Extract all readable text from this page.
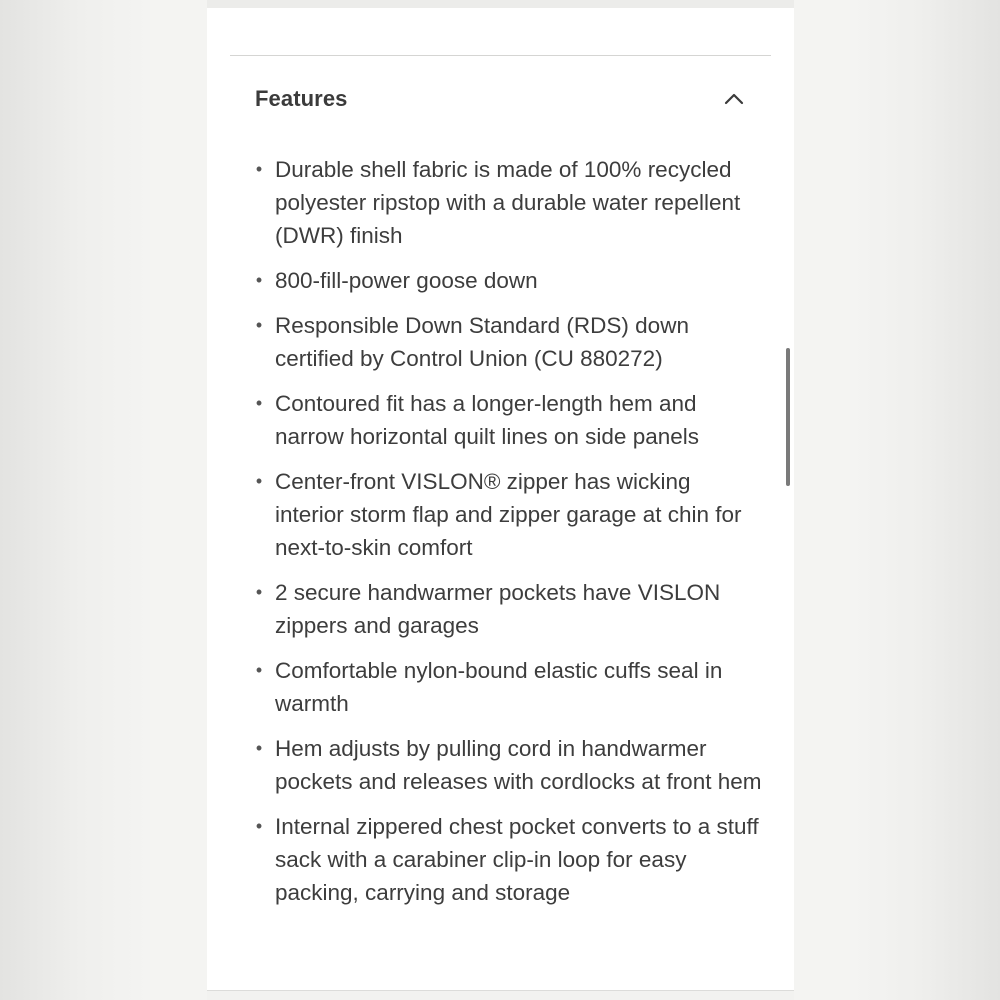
Features
• Durable shell fabric is made of 100% recycled polyester ripstop with a durable water repellent (DWR) finish
• 800-fill-power goose down
• Responsible Down Standard (RDS) down certified by Control Union (CU 880272)
• Contoured fit has a longer-length hem and narrow horizontal quilt lines on side panels
• Center-front VISLON® zipper has wicking interior storm flap and zipper garage at chin for next-to-skin comfort
• 2 secure handwarmer pockets have VISLON zippers and garages
• Comfortable nylon-bound elastic cuffs seal in warmth
• Hem adjusts by pulling cord in handwarmer pockets and releases with cordlocks at front hem
• Internal zippered chest pocket converts to a stuff sack with a carabiner clip-in loop for easy packing, carrying and storage
